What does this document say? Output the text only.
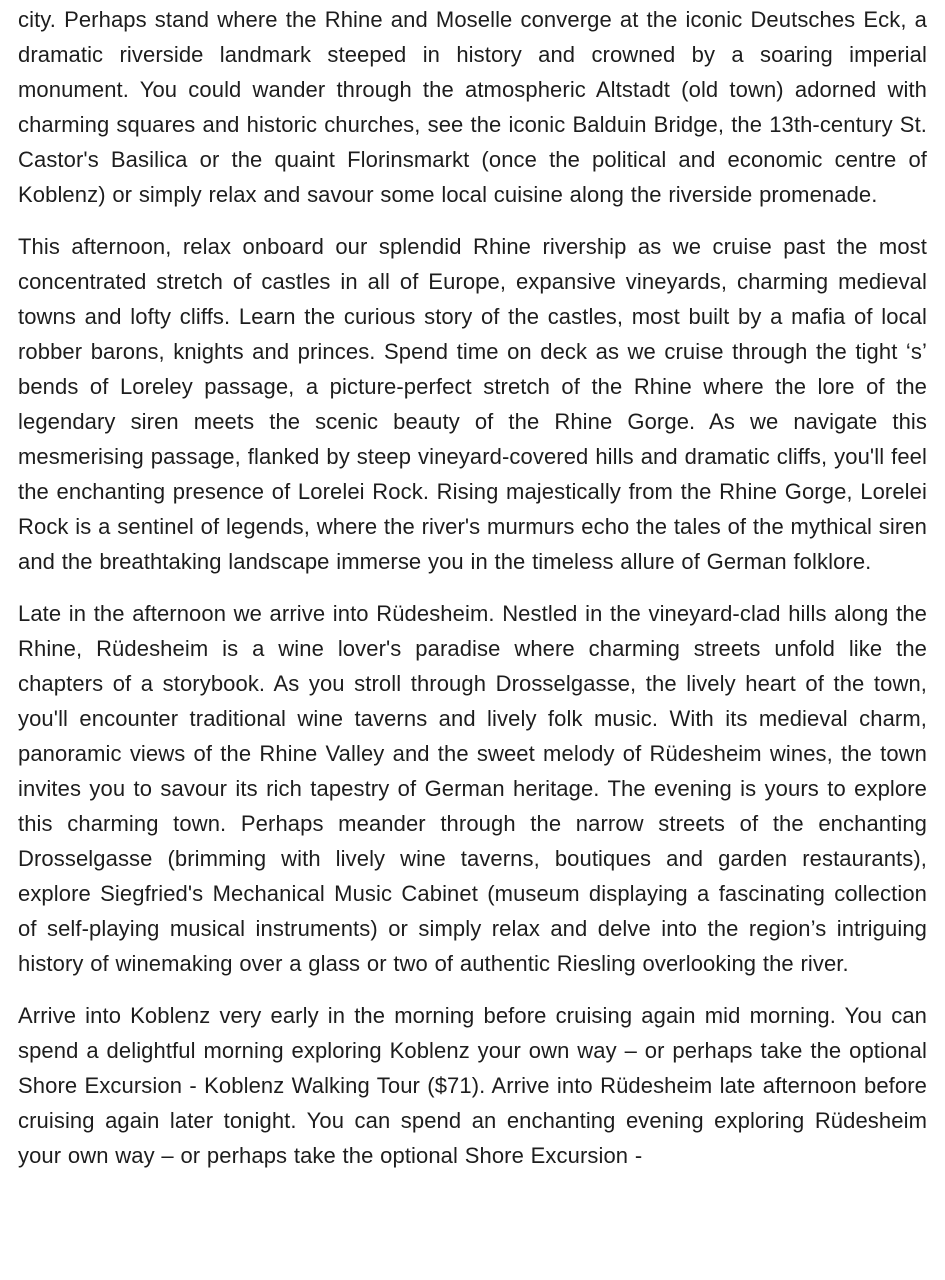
city. Perhaps stand where the Rhine and Moselle converge at the iconic Deutsches Eck, a dramatic riverside landmark steeped in history and crowned by a soaring imperial monument. You could wander through the atmospheric Altstadt (old town) adorned with charming squares and historic churches, see the iconic Balduin Bridge, the 13th-century St. Castor's Basilica or the quaint Florinsmarkt (once the political and economic centre of Koblenz) or simply relax and savour some local cuisine along the riverside promenade.

This afternoon, relax onboard our splendid Rhine rivership as we cruise past the most concentrated stretch of castles in all of Europe, expansive vineyards, charming medieval towns and lofty cliffs. Learn the curious story of the castles, most built by a mafia of local robber barons, knights and princes. Spend time on deck as we cruise through the tight ‘s’ bends of Loreley passage, a picture-perfect stretch of the Rhine where the lore of the legendary siren meets the scenic beauty of the Rhine Gorge. As we navigate this mesmerising passage, flanked by steep vineyard-covered hills and dramatic cliffs, you'll feel the enchanting presence of Lorelei Rock. Rising majestically from the Rhine Gorge, Lorelei Rock is a sentinel of legends, where the river's murmurs echo the tales of the mythical siren and the breathtaking landscape immerse you in the timeless allure of German folklore.

Late in the afternoon we arrive into Rüdesheim. Nestled in the vineyard-clad hills along the Rhine, Rüdesheim is a wine lover's paradise where charming streets unfold like the chapters of a storybook. As you stroll through Drosselgasse, the lively heart of the town, you'll encounter traditional wine taverns and lively folk music. With its medieval charm, panoramic views of the Rhine Valley and the sweet melody of Rüdesheim wines, the town invites you to savour its rich tapestry of German heritage. The evening is yours to explore this charming town. Perhaps meander through the narrow streets of the enchanting Drosselgasse (brimming with lively wine taverns, boutiques and garden restaurants), explore Siegfried's Mechanical Music Cabinet (museum displaying a fascinating collection of self-playing musical instruments) or simply relax and delve into the region’s intriguing history of winemaking over a glass or two of authentic Riesling overlooking the river.

Arrive into Koblenz very early in the morning before cruising again mid morning. You can spend a delightful morning exploring Koblenz your own way – or perhaps take the optional Shore Excursion - Koblenz Walking Tour ($71). Arrive into Rüdesheim late afternoon before cruising again later tonight. You can spend an enchanting evening exploring Rüdesheim your own way – or perhaps take the optional Shore Excursion -
